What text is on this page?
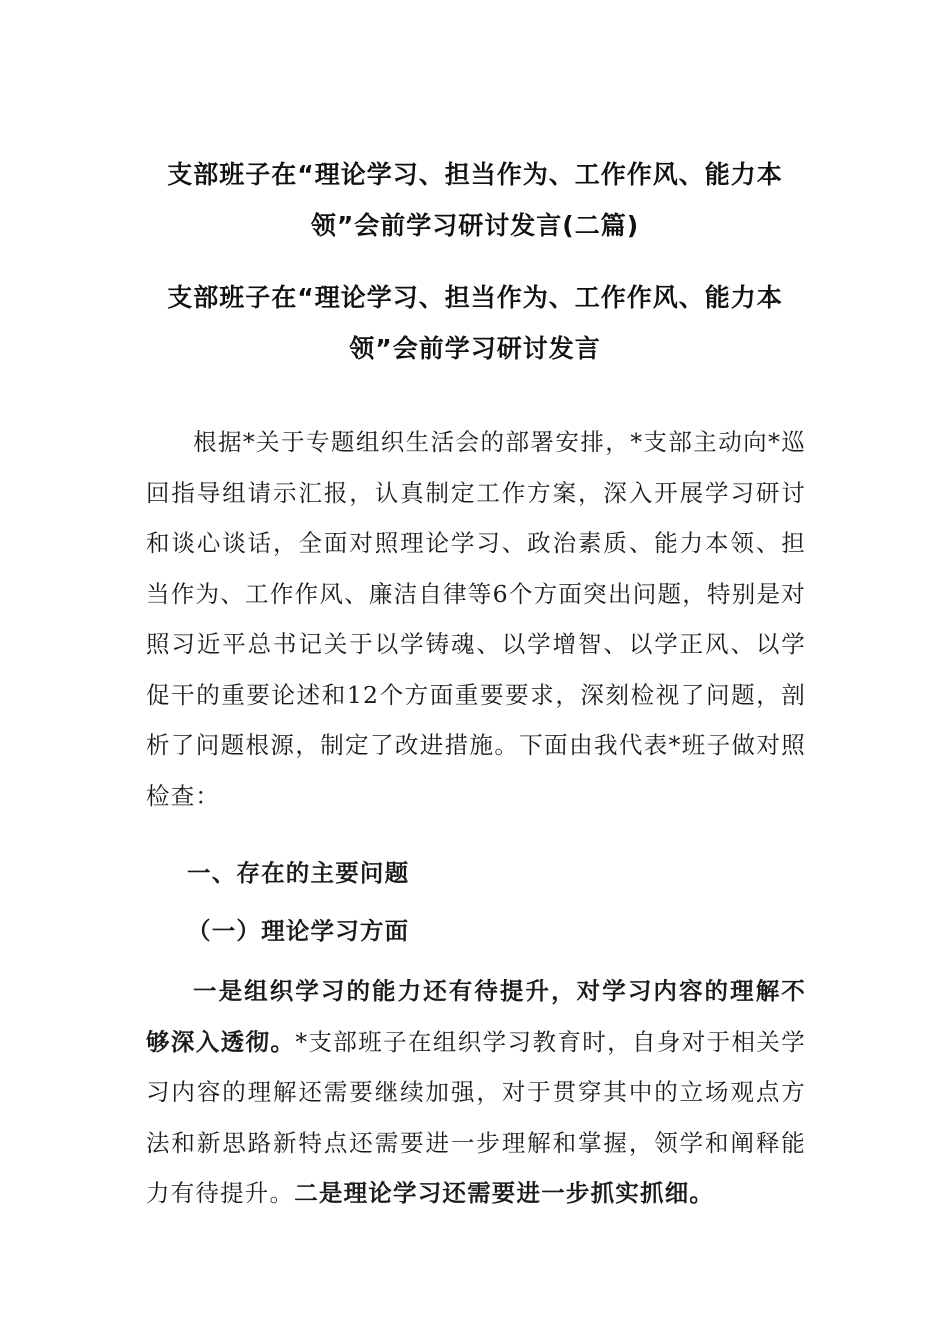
支部班子在“理论学习、担当作为、工作作风、能力本
领”会前学习研讨发言(二篇)
支部班子在“理论学习、担当作为、工作作风、能力本
领”会前学习研讨发言
根据*关于专题组织生活会的部署安排，*支部主动向*巡回指导组请示汇报，认真制定工作方案，深入开展学习研讨和谈心谈话，全面对照理论学习、政治素质、能力本领、担当作为、工作作风、廉洁自律等6个方面突出问题，特别是对照习近平总书记关于以学铸魂、以学增智、以学正风、以学促干的重要论述和12个方面重要要求，深刻检视了问题，剖析了问题根源，制定了改进措施。下面由我代表*班子做对照检查：
一、存在的主要问题
（一）理论学习方面
一是组织学习的能力还有待提升，对学习内容的理解不够深入透彻。*支部班子在组织学习教育时，自身对于相关学习内容的理解还需要继续加强，对于贯穿其中的立场观点方法和新思路新特点还需要进一步理解和掌握，领学和阐释能力有待提升。二是理论学习还需要进一步抓实抓细。
